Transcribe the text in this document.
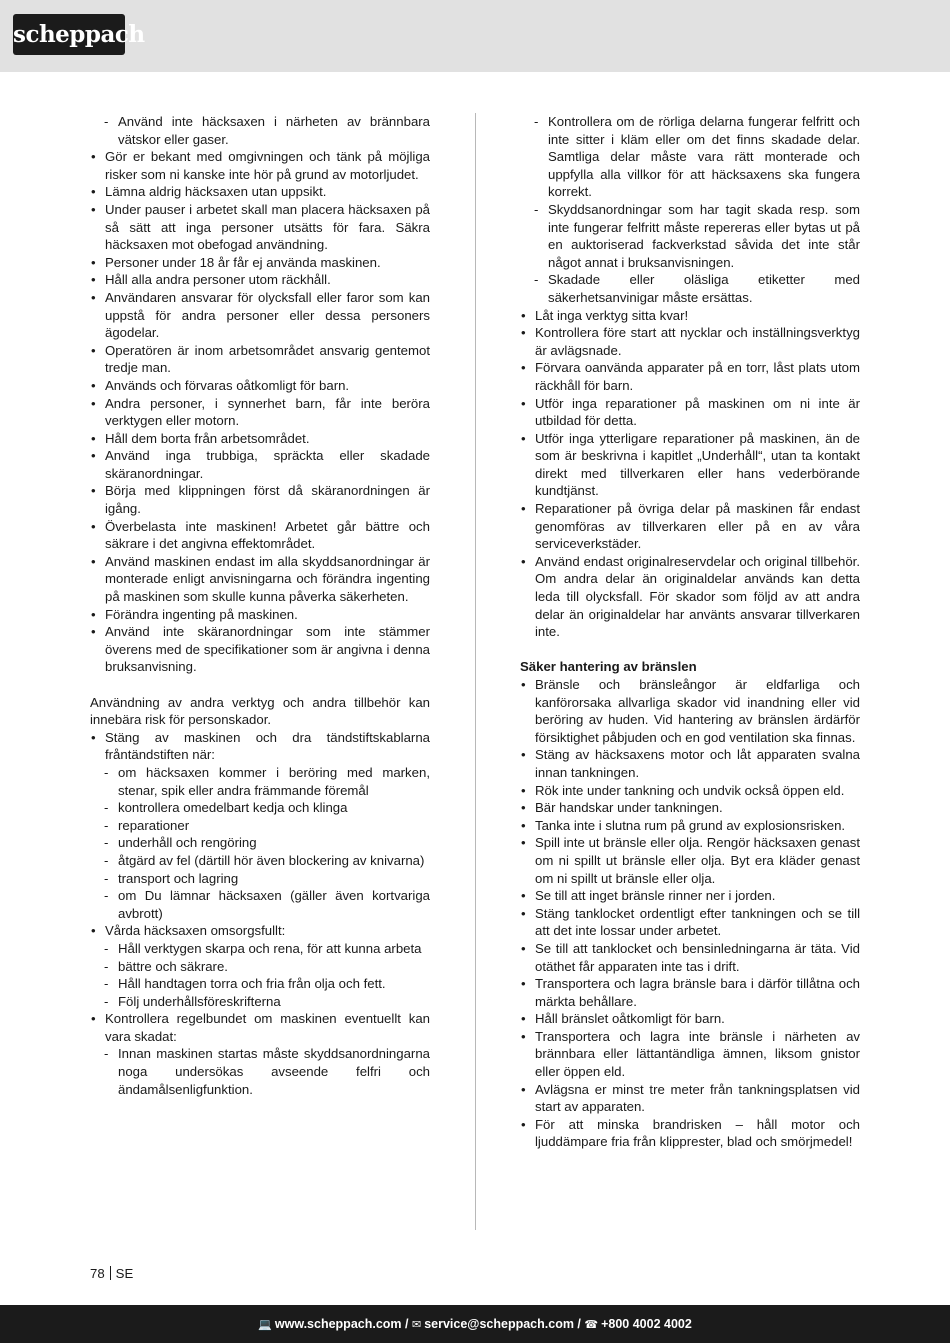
scheppach
- Använd inte häcksaxen i närheten av brännbara vätskor eller gaser.
• Gör er bekant med omgivningen och tänk på möjliga risker som ni kanske inte hör på grund av motorljudet.
• Lämna aldrig häcksaxen utan uppsikt.
• Under pauser i arbetet skall man placera häcksaxen på så sätt att inga personer utsätts för fara. Säkra häcksaxen mot obefogad användning.
• Personer under 18 år får ej använda maskinen.
• Håll alla andra personer utom räckhåll.
• Användaren ansvarar för olycksfall eller faror som kan uppstå för andra personer eller dessa personers ägodelar.
• Operatören är inom arbetsområdet ansvarig gentemot tredje man.
• Används och förvaras oåtkomligt för barn.
• Andra personer, i synnerhet barn, får inte beröra verktygen eller motorn.
• Håll dem borta från arbetsområdet.
• Använd inga trubbiga, spräckta eller skadade skäranordningar.
• Börja med klippningen först då skäranordningen är igång.
• Överbelasta inte maskinen! Arbetet går bättre och säkrare i det angivna effektområdet.
• Använd maskinen endast im alla skyddsanordningar är monterade enligt anvisningarna och förändra ingenting på maskinen som skulle kunna påverka säkerheten.
• Förändra ingenting på maskinen.
• Använd inte skäranordningar som inte stämmer överens med de specifikationer som är angivna i denna bruksanvisning.
Användning av andra verktyg och andra tillbehör kan innebära risk för personskador.
• Stäng av maskinen och dra tändstiftskablarna fråntändstiften när:
- om häcksaxen kommer i beröring med marken, stenar, spik eller andra främmande föremål
- kontrollera omedelbart kedja och klinga
- reparationer
- underhåll och rengöring
- åtgärd av fel (därtill hör även blockering av knivarna)
- transport och lagring
- om Du lämnar häcksaxen (gäller även kortvariga avbrott)
• Vårda häcksaxen omsorgsfullt:
- Håll verktygen skarpa och rena, för att kunna arbeta
- bättre och säkrare.
- Håll handtagen torra och fria från olja och fett.
- Följ underhållsföreskrifterna
• Kontrollera regelbundet om maskinen eventuellt kan vara skadat:
- Innan maskinen startas måste skyddsanordningarna noga undersökas avseende felfri och ändamålsenligfunktion.
- Kontrollera om de rörliga delarna fungerar felfritt och inte sitter i kläm eller om det finns skadade delar. Samtliga delar måste vara rätt monterade och uppfylla alla villkor för att häcksaxens ska fungera korrekt.
- Skyddsanordningar som har tagit skada resp. som inte fungerar felfritt måste repereras eller bytas ut på en auktoriserad fackverkstad såvida det inte står något annat i bruksanvisningen.
- Skadade eller oläsliga etiketter med säkerhetsanvinigar måste ersättas.
• Låt inga verktyg sitta kvar!
• Kontrollera före start att nycklar och inställningsverktyg är avlägsnade.
• Förvara oanvända apparater på en torr, låst plats utom räckhåll för barn.
• Utför inga reparationer på maskinen om ni inte är utbildad för detta.
• Utför inga ytterligare reparationer på maskinen, än de som är beskrivna i kapitlet „Underhåll“, utan ta kontakt direkt med tillverkaren eller hans vederbörande kundtjänst.
• Reparationer på övriga delar på maskinen får endast genomföras av tillverkaren eller på en av våra serviceverkstäder.
• Använd endast originalreservdelar och original tillbehör. Om andra delar än originaldelar används kan detta leda till olycksfall. För skador som följd av att andra delar än originaldelar har använts ansvarar tillverkaren inte.
Säker hantering av bränslen
• Bränsle och bränsleångor är eldfarliga och kanförorsaka allvarliga skador vid inandning eller vid beröring av huden. Vid hantering av bränslen ärdärför försiktighet påbjuden och en god ventilation ska finnas.
• Stäng av häcksaxens motor och låt apparaten svalna innan tankningen.
• Rök inte under tankning och undvik också öppen eld.
• Bär handskar under tankningen.
• Tanka inte i slutna rum på grund av explosionsrisken.
• Spill inte ut bränsle eller olja. Rengör häcksaxen genast om ni spillt ut bränsle eller olja. Byt era kläder genast om ni spillt ut bränsle eller olja.
• Se till att inget bränsle rinner ner i jorden.
• Stäng tanklocket ordentligt efter tankningen och se till att det inte lossar under arbetet.
• Se till att tanklocket och bensinledningarna är täta. Vid otäthet får apparaten inte tas i drift.
• Transportera och lagra bränsle bara i därför tillåtna och märkta behållare.
• Håll bränslet oåtkomligt för barn.
• Transportera och lagra inte bränsle i närheten av brännbara eller lättantändliga ämnen, liksom gnistor eller öppen eld.
• Avlägsna er minst tre meter från tankningsplatsen vid start av apparaten.
• För att minska brandrisken – håll motor och ljuddämpare fria från klipprester, blad och smörjmedel!
78 SE
💻 www.scheppach.com / ✉ service@scheppach.com / ☎ +800 4002 4002
